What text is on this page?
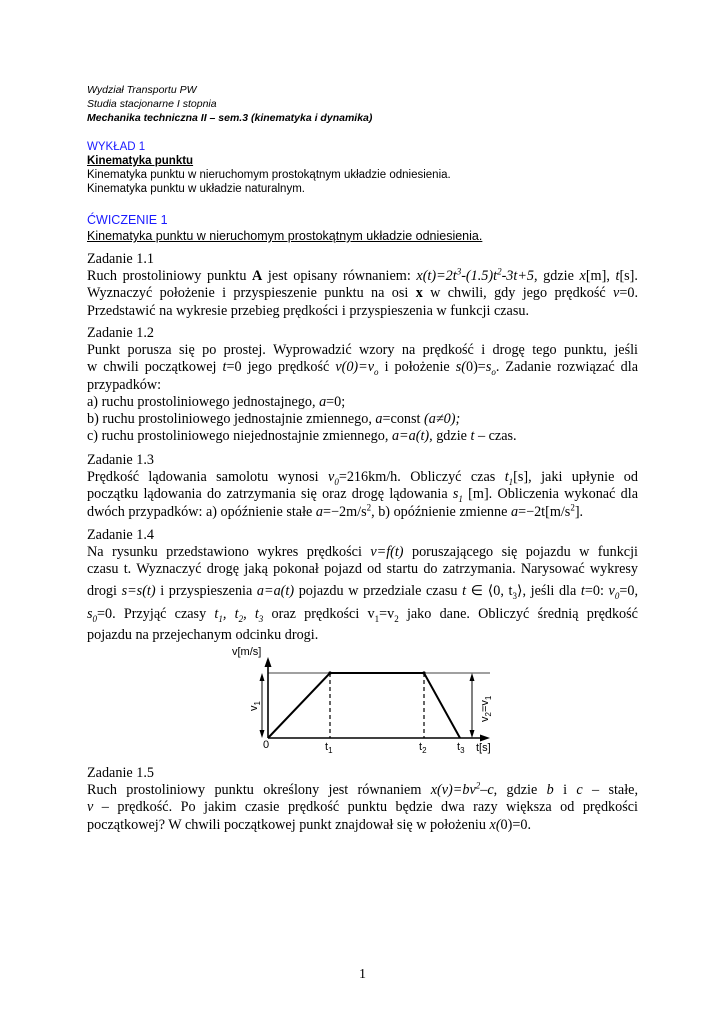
Wydział Transportu PW
Studia stacjonarne I stopnia
Mechanika techniczna II – sem.3 (kinematyka i dynamika)
WYKŁAD 1
Kinematyka punktu
Kinematyka punktu w nieruchomym prostokątnym układzie odniesienia.
Kinematyka punktu w układzie naturalnym.
ĆWICZENIE 1
Kinematyka punktu w nieruchomym prostokątnym układzie odniesienia.
Zadanie 1.1
Ruch prostoliniowy punktu A jest opisany równaniem: $x(t)=2t^3-(1.5)t^2-3t+5$, gdzie x[m], t[s].
Wyznaczyć położenie i przyspieszenie punktu na osi x w chwili, gdy jego prędkość v=0.
Przedstawić na wykresie przebieg prędkości i przyspieszenia w funkcji czasu.
Zadanie 1.2
Punkt porusza się po prostej. Wyprowadzić wzory na prędkość i drogę tego punktu, jeśli
w chwili początkowej t=0 jego prędkość $v(0)=v_o$ i położenie $s(0)=s_o$. Zadanie rozwiązać dla
przypadków:
a) ruchu prostoliniowego jednostajnego, a=0;
b) ruchu prostoliniowego jednostajnie zmiennego, a=const (a≠0);
c) ruchu prostoliniowego niejednostajnie zmiennego, a=a(t), gdzie t – czas.
Zadanie 1.3
Prędkość lądowania samolotu wynosi $v_0=216km/h$. Obliczyć czas $t_1[s]$, jaki upłynie od
początku lądowania do zatrzymania się oraz drogę lądowania $s_1$ [m]. Obliczenia wykonać dla
dwóch przypadków: a) opóźnienie stałe $a=-2m/s^2$, b) opóźnienie zmienne $a=-2t[m/s^2]$.
Zadanie 1.4
Na rysunku przedstawiono wykres prędkości v=f(t) poruszającego się pojazdu w funkcji
czasu t. Wyznaczyć drogę jaką pokonał pojazd od startu do zatrzymania. Narysować wykresy
drogi s=s(t) i przyspieszenia a=a(t) pojazdu w przedziale czasu t ∈ ⟨0, $t_3⟩$, jeśli dla t=0: $v_0=0$,
$s_0=0$. Przyjąć czasy $t_1$, $t_2$, $t_3$ oraz prędkości $v_1=v_2$ jako dane. Obliczyć średnią prędkość
pojazdu na przejechanym odcinku drogi.
v[m/s]
t[s]
0	$t_1$	$t_2$	$t_3$
$v_1$
$v_2=v_1$
Zadanie 1.5
Ruch prostoliniowy punktu określony jest równaniem $x(v)=bv^2-c$, gdzie b i c – stałe,
v – prędkość. Po jakim czasie prędkość punktu będzie dwa razy większa od prędkości
początkowej? W chwili początkowej punkt znajdował się w położeniu x(0)=0.
1
